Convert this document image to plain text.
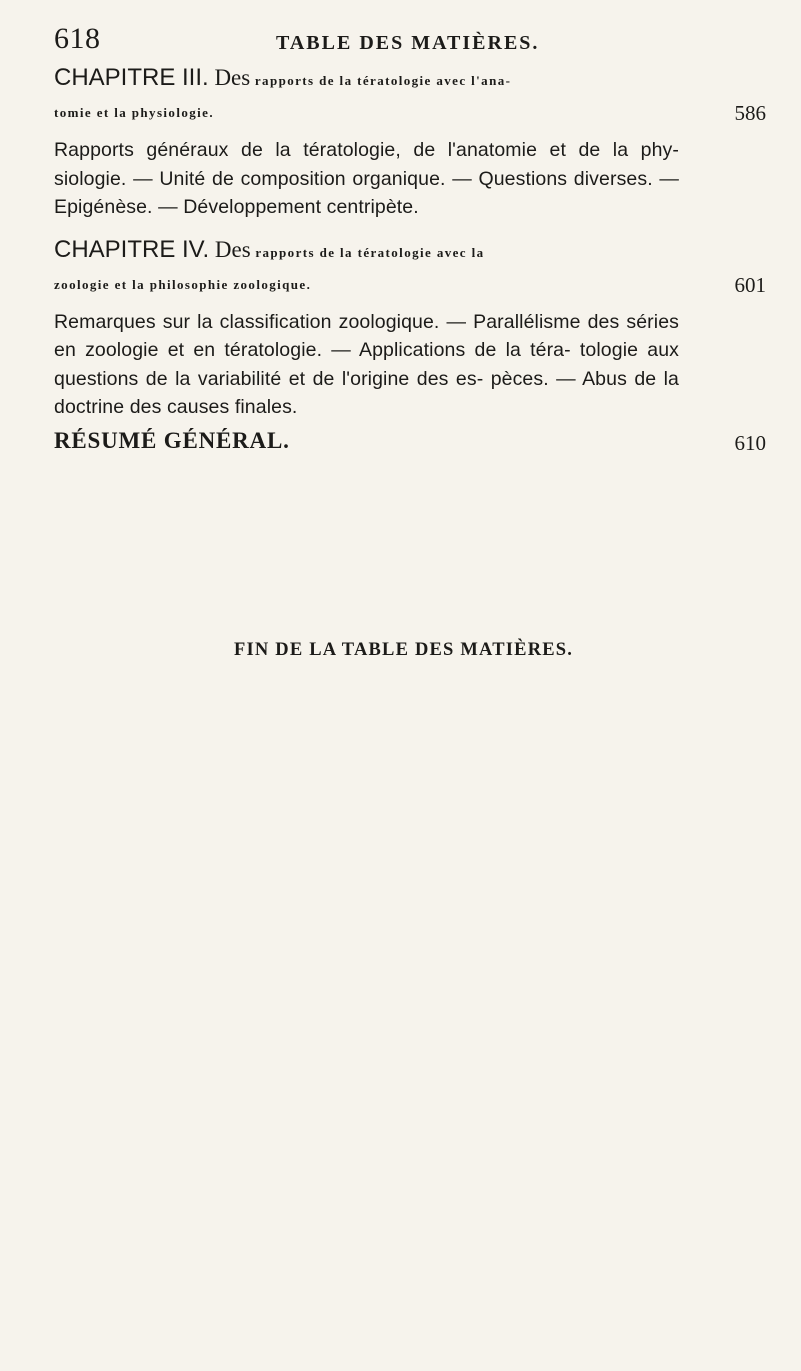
618	TABLE DES MATIÈRES.
CHAPITRE III. Des rapports de la tératologie avec l'ana-
tomie et la physiologie.	586
Rapports généraux de la tératologie, de l'anatomie et de la phy- siologie. — Unité de composition organique. — Questions diverses. — Epigénèse. — Développement centripète.
CHAPITRE IV. Des rapports de la tératologie avec la
zoologie et la philosophie zoologique.	601
Remarques sur la classification zoologique. — Parallélisme des séries en zoologie et en tératologie. — Applications de la téra- tologie aux questions de la variabilité et de l'origine des es- pèces. — Abus de la doctrine des causes finales.
RÉSUMÉ GÉNÉRAL.	610
FIN DE LA TABLE DES MATIÈRES.
